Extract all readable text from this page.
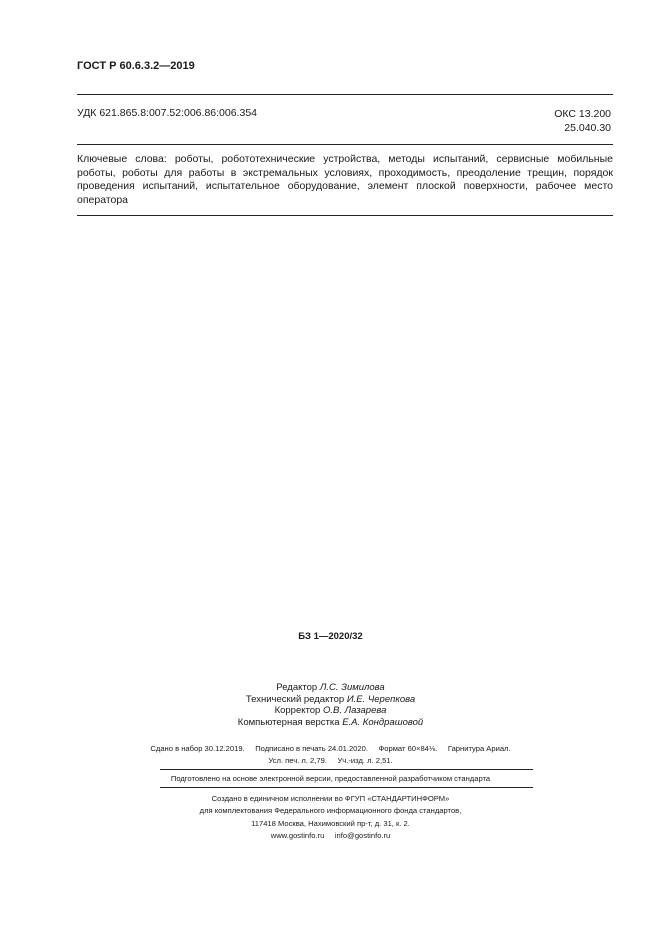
ГОСТ Р 60.6.3.2—2019
УДК 621.865.8:007.52:006.86:006.354	ОКС 13.200
25.040.30
Ключевые слова: роботы, робототехнические устройства, методы испытаний, сервисные мобильные роботы, роботы для работы в экстремальных условиях, проходимость, преодоление трещин, порядок проведения испытаний, испытательное оборудование, элемент плоской поверхности, рабочее место оператора
БЗ 1—2020/32
Редактор Л.С. Зимилова
Технический редактор И.Е. Черепкова
Корректор О.В. Лазарева
Компьютерная верстка Е.А. Кондрашовой
Сдано в набор 30.12.2019.     Подписано в печать 24.01.2020.     Формат 60×84⅛.     Гарнитура Ариал.
Усл. печ. л. 2,79.     Уч.-изд. л. 2,51.
Подготовлено на основе электронной версии, предоставленной разработчиком стандарта
Создано в единичном исполнении во ФГУП «СТАНДАРТИНФОРМ»
для комплектования Федерального информационного фонда стандартов,
117418 Москва, Нахимовский пр-т, д. 31, к. 2.
www.gostinfo.ru     info@gostinfo.ru
